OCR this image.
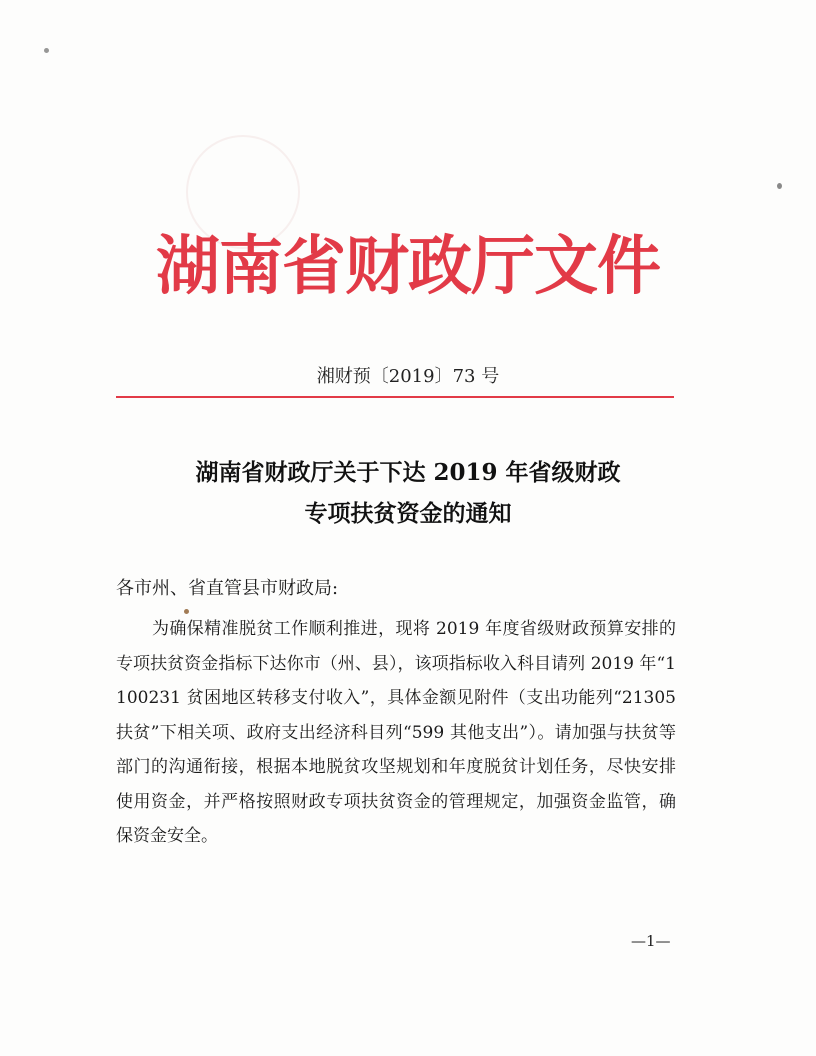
湖南省财政厅文件
湘财预〔2019〕73 号
湖南省财政厅关于下达 2019 年省级财政
专项扶贫资金的通知
各市州、省直管县市财政局:
为确保精准脱贫工作顺利推进，现将 2019 年度省级财政预算安排的专项扶贫资金指标下达你市（州、县），该项指标收入科目请列 2019 年“1100231 贫困地区转移支付收入”，具体金额见附件（支出功能列“21305 扶贫”下相关项、政府支出经济科目列“599 其他支出”）。请加强与扶贫等部门的沟通衔接，根据本地脱贫攻坚规划和年度脱贫计划任务，尽快安排使用资金，并严格按照财政专项扶贫资金的管理规定，加强资金监管，确保资金安全。
—1—
